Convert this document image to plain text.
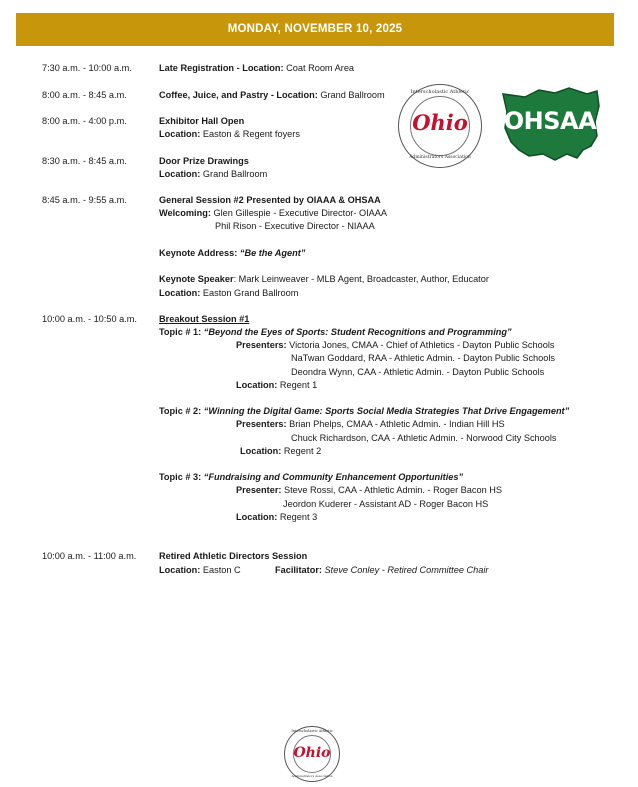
MONDAY, NOVEMBER 10, 2025
7:30 a.m. - 10:00 a.m.	Late Registration - Location: Coat Room Area
8:00 a.m. - 8:45 a.m.	Coffee, Juice, and Pastry - Location: Grand Ballroom
8:00 a.m. - 4:00 p.m.	Exhibitor Hall Open
Location: Easton & Regent foyers
8:30 a.m. - 8:45 a.m.	Door Prize Drawings
Location: Grand Ballroom
8:45 a.m. - 9:55 a.m.	General Session #2 Presented by OIAAA & OHSAA
Welcoming: Glen Gillespie - Executive Director- OIAAA
Phil Rison - Executive Director - NIAAA
Keynote Address: “Be the Agent”
Keynote Speaker: Mark Leinweaver - MLB Agent, Broadcaster, Author, Educator
Location: Easton Grand Ballroom
10:00 a.m. - 10:50 a.m. Breakout Session #1
Topic # 1: “Beyond the Eyes of Sports: Student Recognitions and Programming”
Presenters: Victoria Jones, CMAA - Chief of Athletics - Dayton Public Schools
NaTwan Goddard, RAA - Athletic Admin. - Dayton Public Schools
Deondra Wynn, CAA - Athletic Admin. - Dayton Public Schools
Location: Regent 1
Topic # 2: “Winning the Digital Game: Sports Social Media Strategies That Drive Engagement”
Presenters: Brian Phelps, CMAA - Athletic Admin. - Indian Hill HS
Chuck Richardson, CAA - Athletic Admin. - Norwood City Schools
Location: Regent 2
Topic # 3: “Fundraising and Community Enhancement Opportunities”
Presenter: Steve Rossi, CAA - Athletic Admin. - Roger Bacon HS
Jeordon Kuderer - Assistant AD - Roger Bacon HS
Location: Regent 3
10:00 a.m. - 11:00 a.m. Retired Athletic Directors Session
Location: Easton C	Facilitator: Steve Conley - Retired Committee Chair
Interscholastic Athletic
Ohio
Administrators Association
OHSAA
Interscholastic Athletic
Ohio
Administrators Association
